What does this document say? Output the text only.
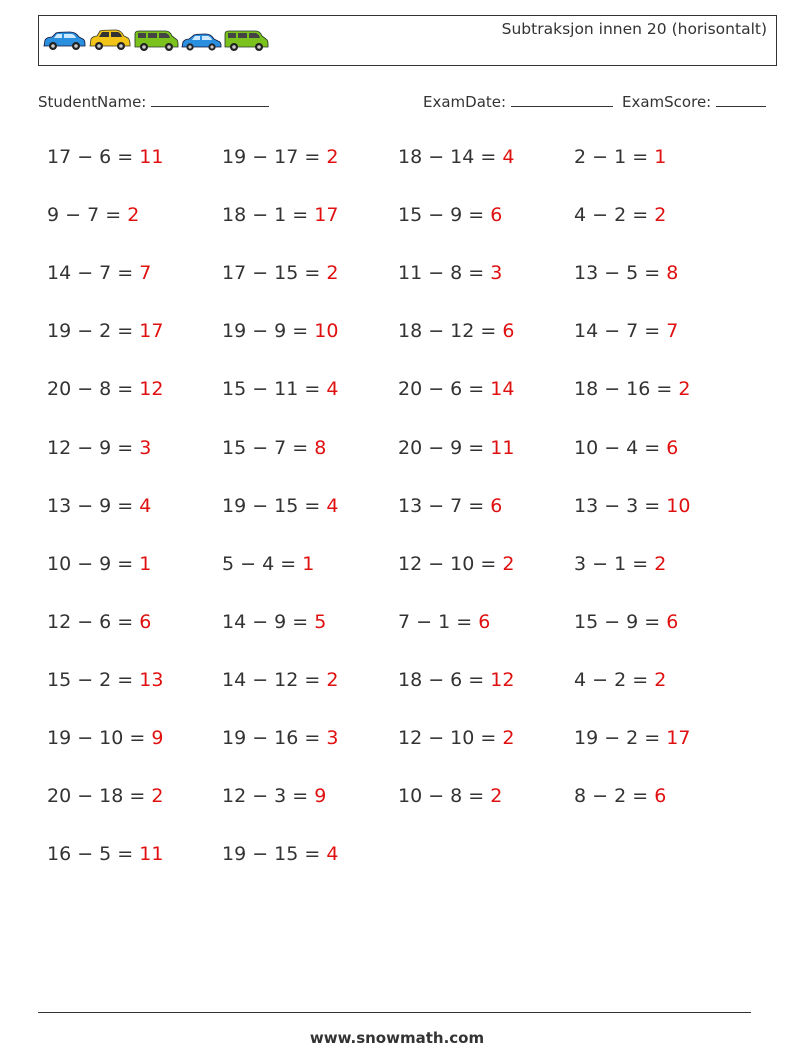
Subtraksjon innen 20 (horisontalt)
StudentName:	ExamDate:	ExamScore:
17 − 6 = 11	19 − 17 = 2	18 − 14 = 4	2 − 1 = 1
9 − 7 = 2	18 − 1 = 17	15 − 9 = 6	4 − 2 = 2
14 − 7 = 7	17 − 15 = 2	11 − 8 = 3	13 − 5 = 8
19 − 2 = 17	19 − 9 = 10	18 − 12 = 6	14 − 7 = 7
20 − 8 = 12	15 − 11 = 4	20 − 6 = 14	18 − 16 = 2
12 − 9 = 3	15 − 7 = 8	20 − 9 = 11	10 − 4 = 6
13 − 9 = 4	19 − 15 = 4	13 − 7 = 6	13 − 3 = 10
10 − 9 = 1	5 − 4 = 1	12 − 10 = 2	3 − 1 = 2
12 − 6 = 6	14 − 9 = 5	7 − 1 = 6	15 − 9 = 6
15 − 2 = 13	14 − 12 = 2	18 − 6 = 12	4 − 2 = 2
19 − 10 = 9	19 − 16 = 3	12 − 10 = 2	19 − 2 = 17
20 − 18 = 2	12 − 3 = 9	10 − 8 = 2	8 − 2 = 6
16 − 5 = 11	19 − 15 = 4
www.snowmath.com
